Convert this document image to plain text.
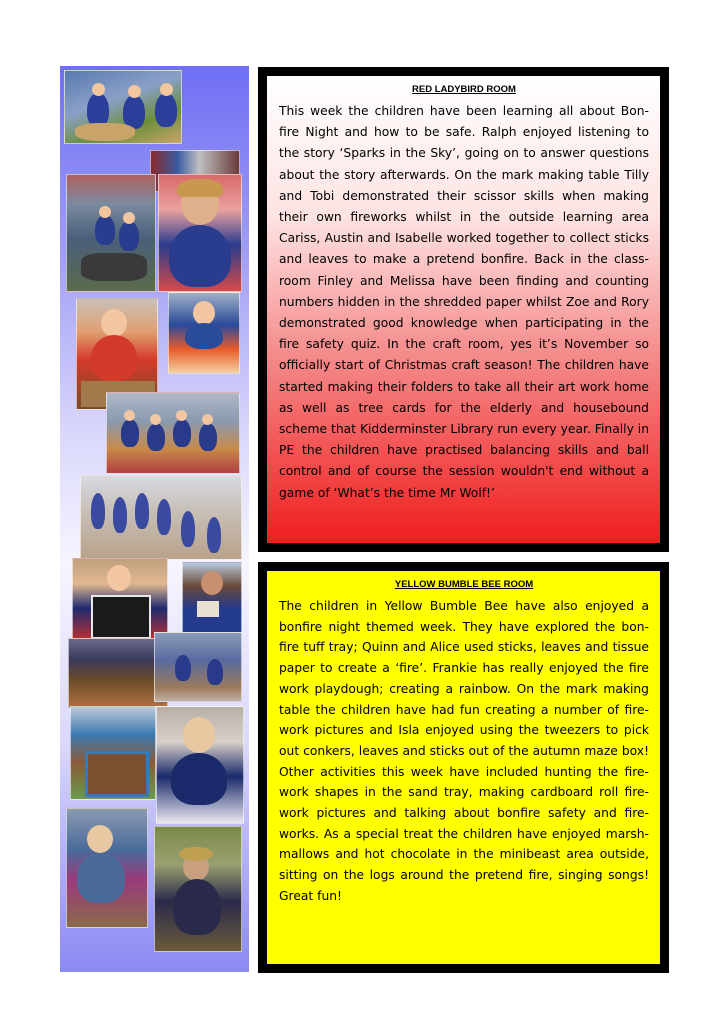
RED LADYBIRD ROOM

This week the children have been learning all about Bon-fire Night and how to be safe. Ralph enjoyed listening to the story ‘Sparks in the Sky’, going on to answer questions about the story afterwards. On the mark making table Tilly and Tobi demonstrated their scissor skills when making their own fireworks whilst in the outside learning area Cariss, Austin and Isabelle worked together to collect sticks and leaves to make a pretend bonfire. Back in the class-room Finley and Melissa have been finding and counting numbers hidden in the shredded paper whilst Zoe and Rory demonstrated good knowledge when participating in the fire safety quiz. In the craft room, yes it’s November so officially start of Christmas craft season! The children have started making their folders to take all their art work home as well as tree cards for the elderly and housebound scheme that Kidderminster Library run every year. Finally in PE the children have practised balancing skills and ball control and of course the session wouldn't end without a game of ‘What’s the time Mr Wolf!’

YELLOW BUMBLE BEE ROOM

The children in Yellow Bumble Bee have also enjoyed a bonfire night themed week. They have explored the bon-fire tuff tray; Quinn and Alice used sticks, leaves and tissue paper to create a ‘fire’. Frankie has really enjoyed the fire work playdough; creating a rainbow. On the mark making table the children have had fun creating a number of fire-work pictures and Isla enjoyed using the tweezers to pick out conkers, leaves and sticks out of the autumn maze box! Other activities this week have included hunting the fire-work shapes in the sand tray, making cardboard roll fire-work pictures and talking about bonfire safety and fire-works. As a special treat the children have enjoyed marsh-mallows and hot chocolate in the minibeast area outside, sitting on the logs around the pretend fire, singing songs! Great fun!
